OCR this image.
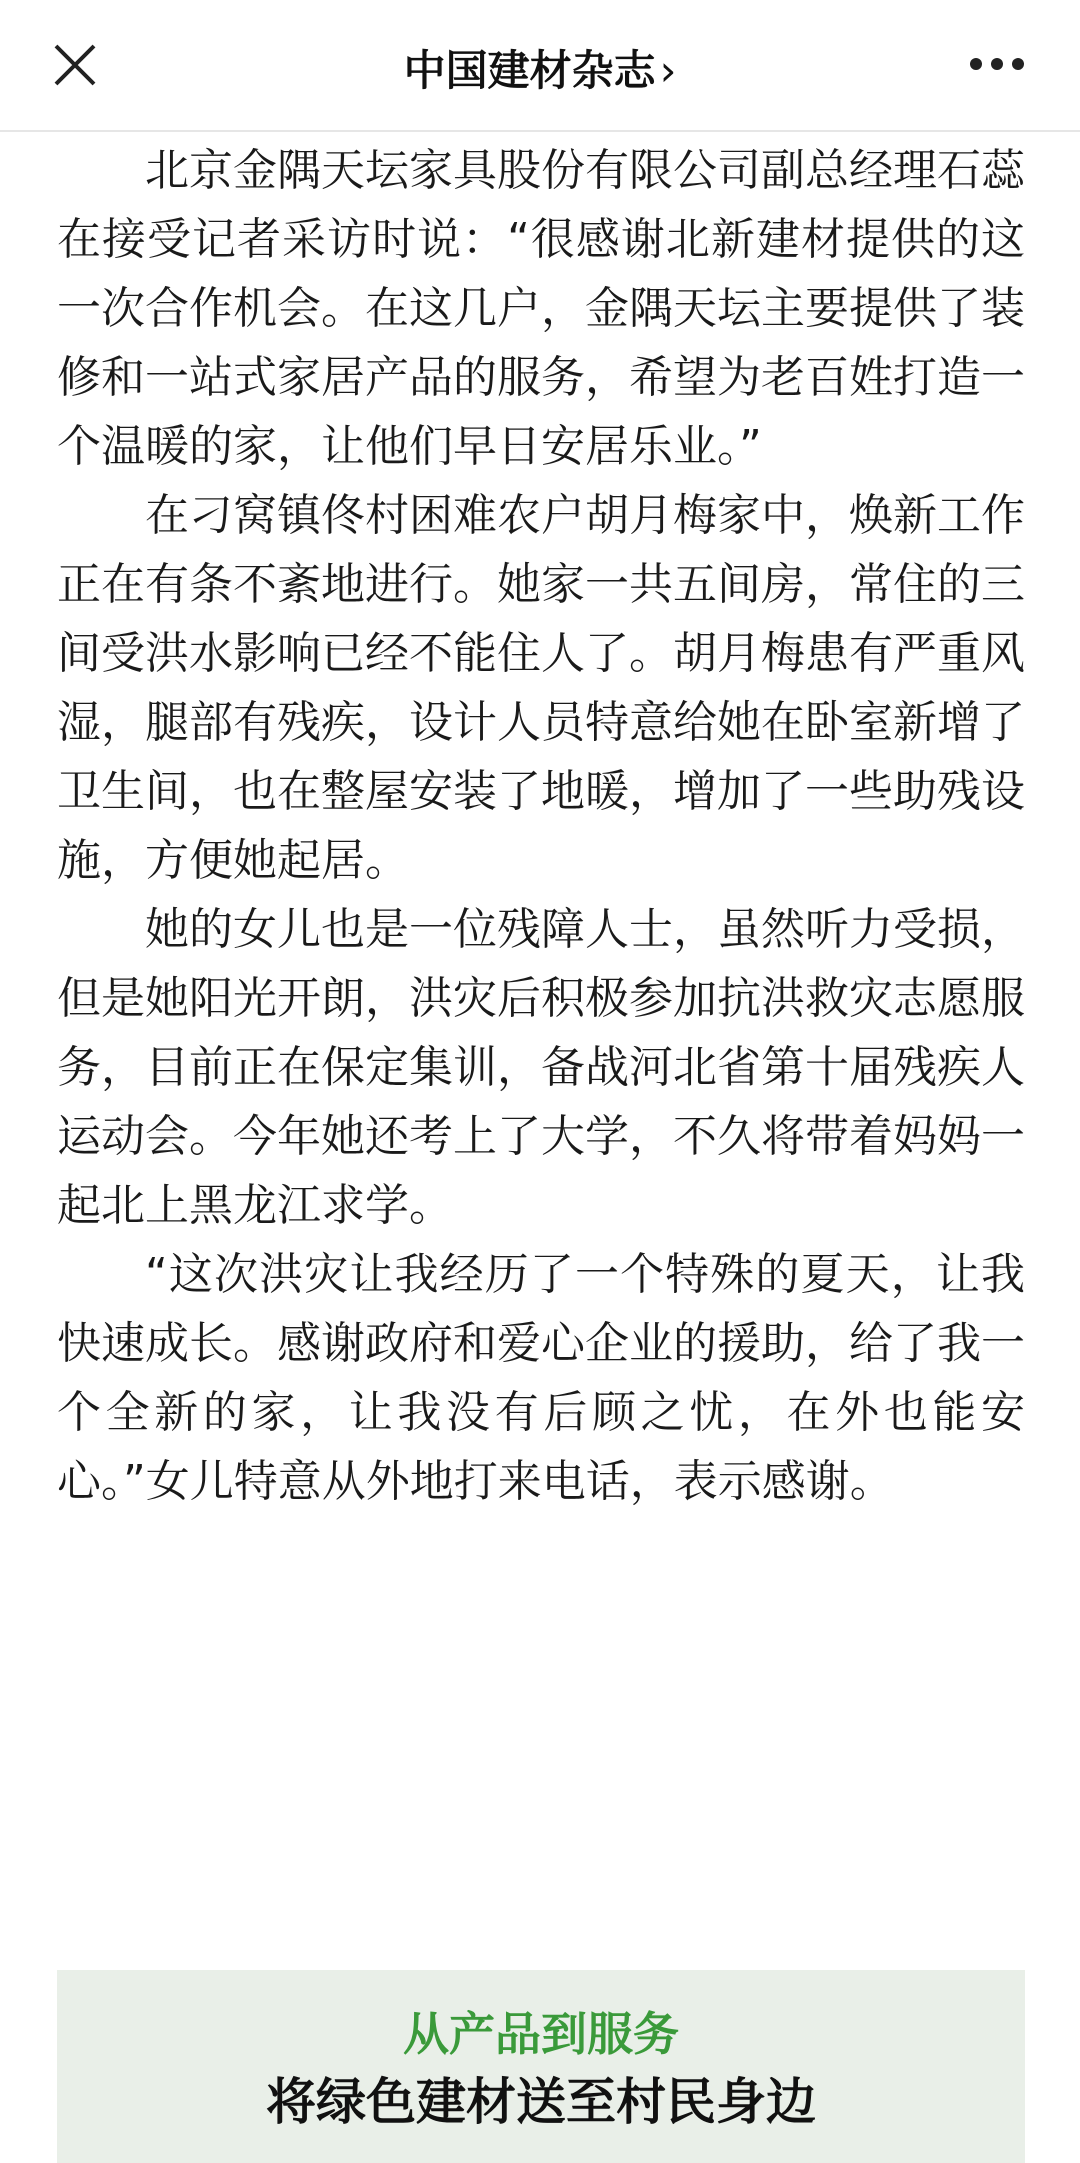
中国建材杂志›

北京金隅天坛家具股份有限公司副总经理石蕊在接受记者采访时说：“很感谢北新建材提供的这一次合作机会。在这几户，金隅天坛主要提供了装修和一站式家居产品的服务，希望为老百姓打造一个温暖的家，让他们早日安居乐业。”

在刁窝镇佟村困难农户胡月梅家中，焕新工作正在有条不紊地进行。她家一共五间房，常住的三间受洪水影响已经不能住人了。胡月梅患有严重风湿，腿部有残疾，设计人员特意给她在卧室新增了卫生间，也在整屋安装了地暖，增加了一些助残设施，方便她起居。

她的女儿也是一位残障人士，虽然听力受损，但是她阳光开朗，洪灾后积极参加抗洪救灾志愿服务，目前正在保定集训，备战河北省第十届残疾人运动会。今年她还考上了大学，不久将带着妈妈一起北上黑龙江求学。

“这次洪灾让我经历了一个特殊的夏天，让我快速成长。感谢政府和爱心企业的援助，给了我一个全新的家，让我没有后顾之忧，在外也能安心。”女儿特意从外地打来电话，表示感谢。

从产品到服务
将绿色建材送至村民身边
